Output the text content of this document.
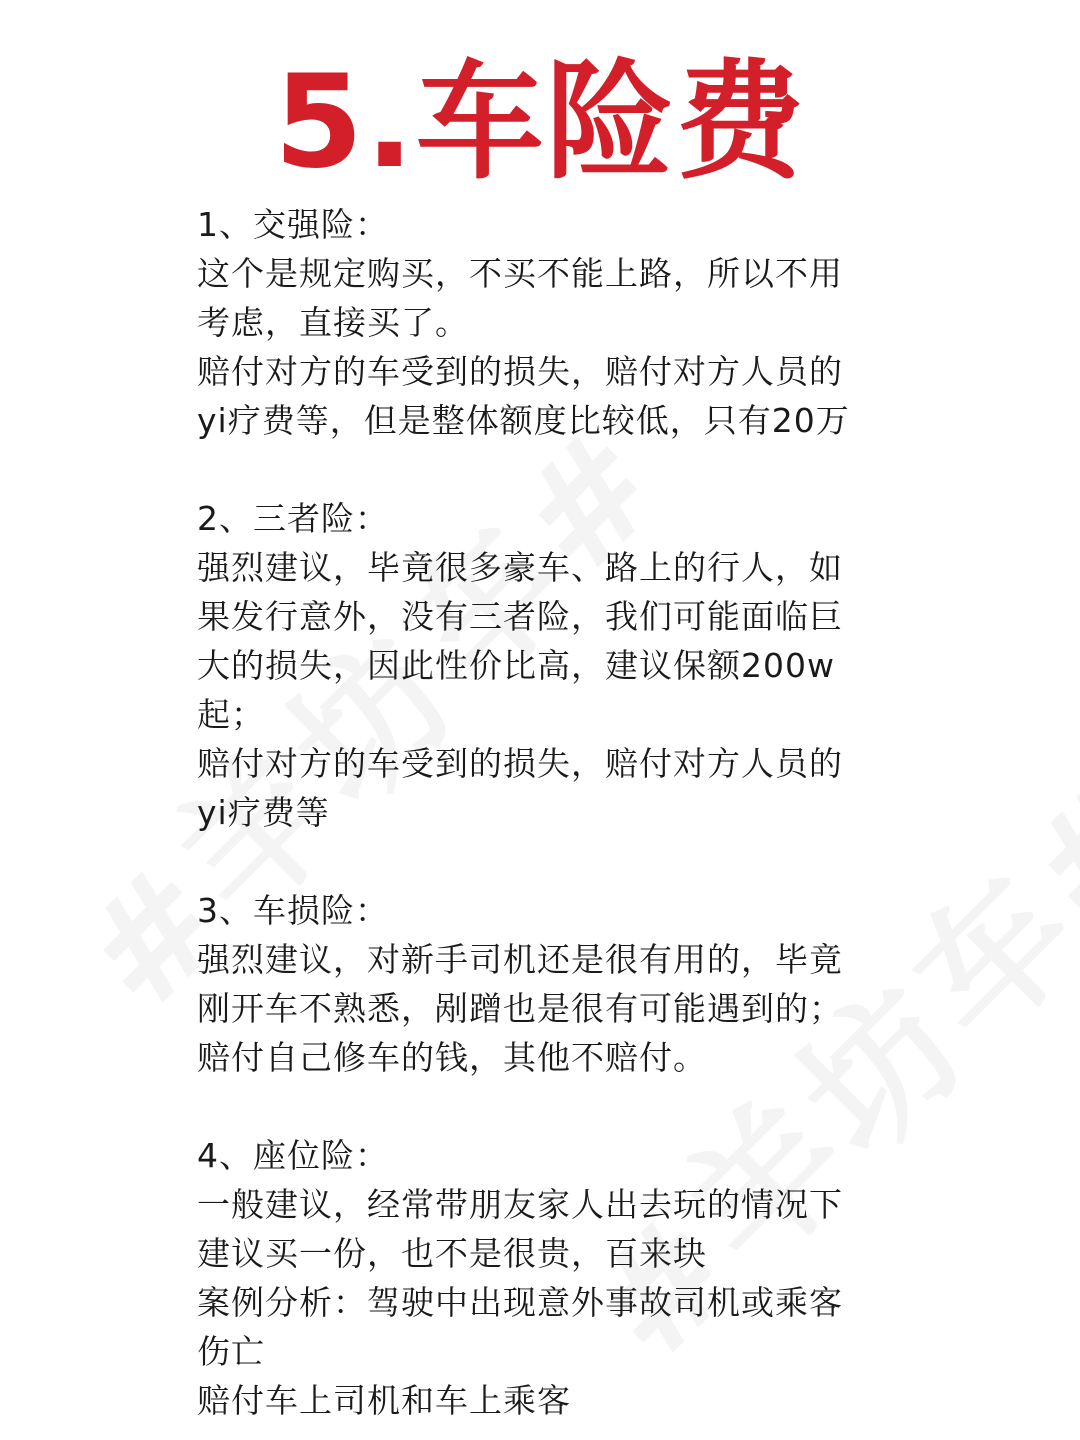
5.车险费
1、交强险：
这个是规定购买，不买不能上路，所以不用
考虑，直接买了。
赔付对方的车受到的损失，赔付对方人员的
yi疗费等，但是整体额度比较低，只有20万
2、三者险：
强烈建议，毕竟很多豪车、路上的行人，如
果发行意外，没有三者险，我们可能面临巨
大的损失，因此性价比高，建议保额200w
起；
赔付对方的车受到的损失，赔付对方人员的
yi疗费等
3、车损险：
强烈建议，对新手司机还是很有用的，毕竟
刚开车不熟悉，剐蹭也是很有可能遇到的；
赔付自己修车的钱，其他不赔付。
4、座位险：
一般建议，经常带朋友家人出去玩的情况下
建议买一份，也不是很贵，百来块
案例分析：驾驶中出现意外事故司机或乘客
伤亡
赔付车上司机和车上乘客
